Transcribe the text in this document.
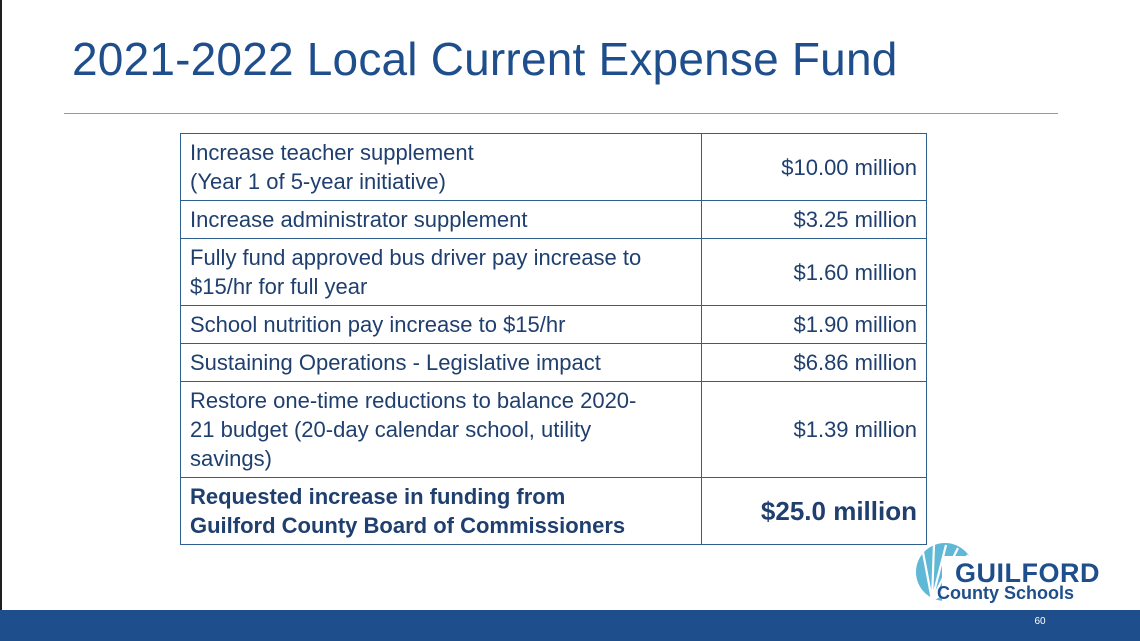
2021-2022 Local Current Expense Fund
Increase teacher supplement
(Year 1 of 5-year initiative)	$10.00 million
Increase administrator supplement	$3.25 million
Fully fund approved bus driver pay increase to
$15/hr for full year	$1.60 million
School nutrition pay increase to $15/hr	$1.90 million
Sustaining Operations - Legislative impact	$6.86 million
Restore one-time reductions to balance 2020-
21 budget (20-day calendar school, utility
savings)	$1.39 million
Requested increase in funding from
Guilford County Board of Commissioners	$25.0 million
GUILFORD
County Schools
60
